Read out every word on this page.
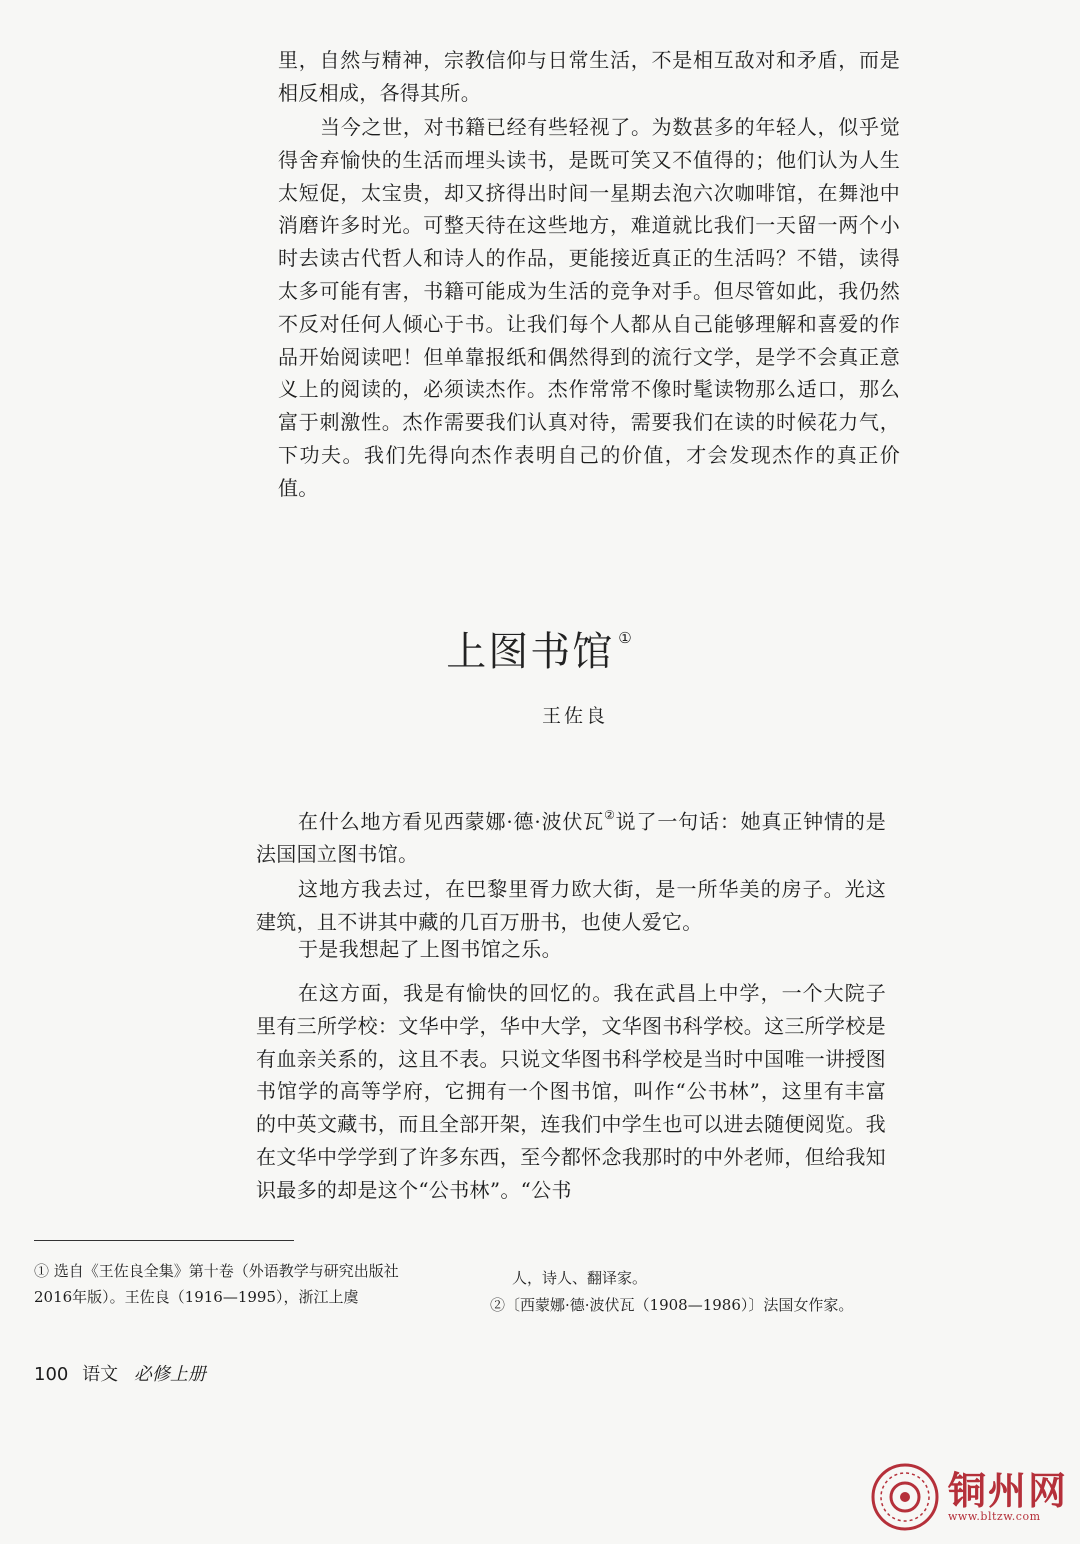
里，自然与精神，宗教信仰与日常生活，不是相互敌对和矛盾，而是相反相成，各得其所。

当今之世，对书籍已经有些轻视了。为数甚多的年轻人，似乎觉得舍弃愉快的生活而埋头读书，是既可笑又不值得的；他们认为人生太短促，太宝贵，却又挤得出时间一星期去泡六次咖啡馆，在舞池中消磨许多时光。可整天待在这些地方，难道就比我们一天留一两个小时去读古代哲人和诗人的作品，更能接近真正的生活吗？不错，读得太多可能有害，书籍可能成为生活的竞争对手。但尽管如此，我仍然不反对任何人倾心于书。让我们每个人都从自己能够理解和喜爱的作品开始阅读吧！但单靠报纸和偶然得到的流行文学，是学不会真正意义上的阅读的，必须读杰作。杰作常常不像时髦读物那么适口，那么富于刺激性。杰作需要我们认真对待，需要我们在读的时候花力气，下功夫。我们先得向杰作表明自己的价值，才会发现杰作的真正价值。

上图书馆 ①
王佐良

在什么地方看见西蒙娜·德·波伏瓦②说了一句话：她真正钟情的是法国国立图书馆。

这地方我去过，在巴黎里胥力欧大街，是一所华美的房子。光这建筑，且不讲其中藏的几百万册书，也使人爱它。

于是我想起了上图书馆之乐。

在这方面，我是有愉快的回忆的。我在武昌上中学，一个大院子里有三所学校：文华中学，华中大学，文华图书科学校。这三所学校是有血亲关系的，这且不表。只说文华图书科学校是当时中国唯一讲授图书馆学的高等学府，它拥有一个图书馆，叫作“公书林”，这里有丰富的中英文藏书，而且全部开架，连我们中学生也可以进去随便阅览。我在文华中学学到了许多东西，至今都怀念我那时的中外老师，但给我知识最多的却是这个“公书林”。“公书

① 选自《王佐良全集》第十卷（外语教学与研究出版社2016年版）。王佐良（1916—1995），浙江上虞

人，诗人、翻译家。

②〔西蒙娜·德·波伏瓦（1908—1986）〕法国女作家。

100 语文 必修上册
铜州网
www.bltzw.com
